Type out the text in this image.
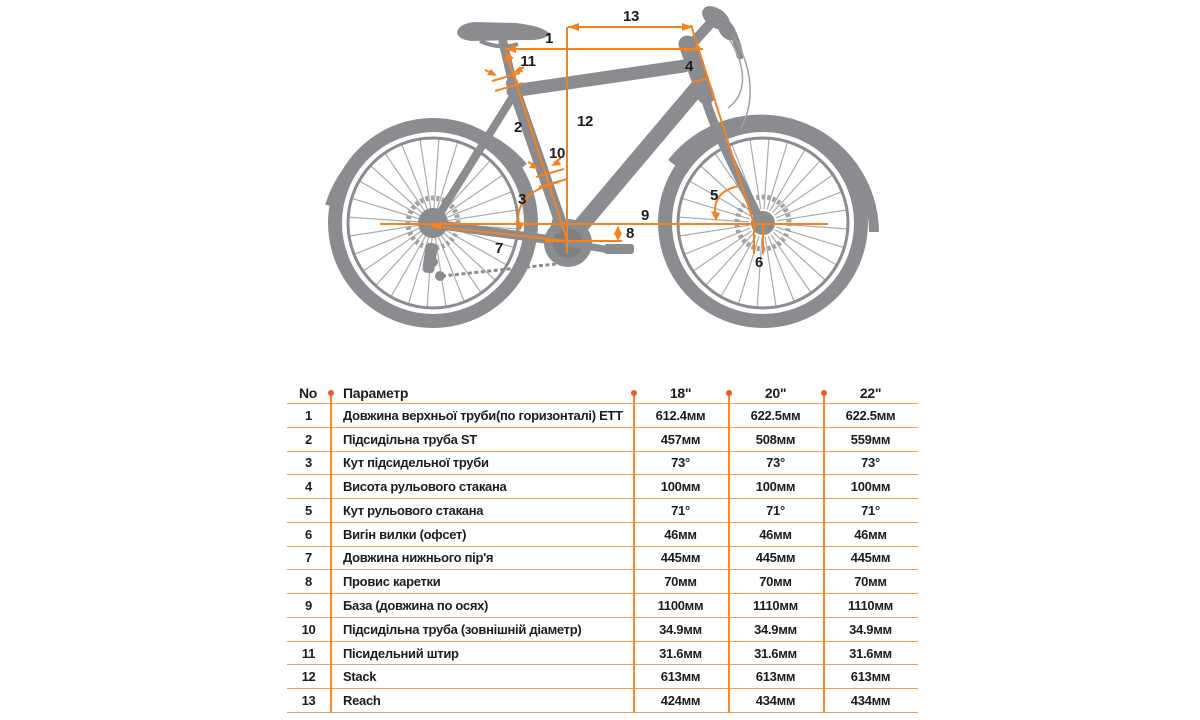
13
1
11	4
12
2
10
3	5
9
7
8
6
No	Параметр	18"	20"	22"
1	Довжина верхньої труби(по горизонталі) ЕТТ	612.4мм	622.5мм	622.5мм
2	Підсидільна труба ST	457мм	508мм	559мм
3	Кут підсидельної труби	73°	73°	73°
4	Висота рульового стакана	100мм	100мм	100мм
5	Кут рульового стакана	71°	71°	71°
6	Вигін вилки (офсет)	46мм	46мм	46мм
7	Довжина нижнього пір'я	445мм	445мм	445мм
8	Провис каретки	70мм	70мм	70мм
9	База (довжина по осях)	1100мм	1110мм	1110мм
10	Підсидільна труба (зовнішній діаметр)	34.9мм	34.9мм	34.9мм
11	Пісидельний штир	31.6мм	31.6мм	31.6мм
12	Stack	613мм	613мм	613мм
13	Reach	424мм	434мм	434мм
